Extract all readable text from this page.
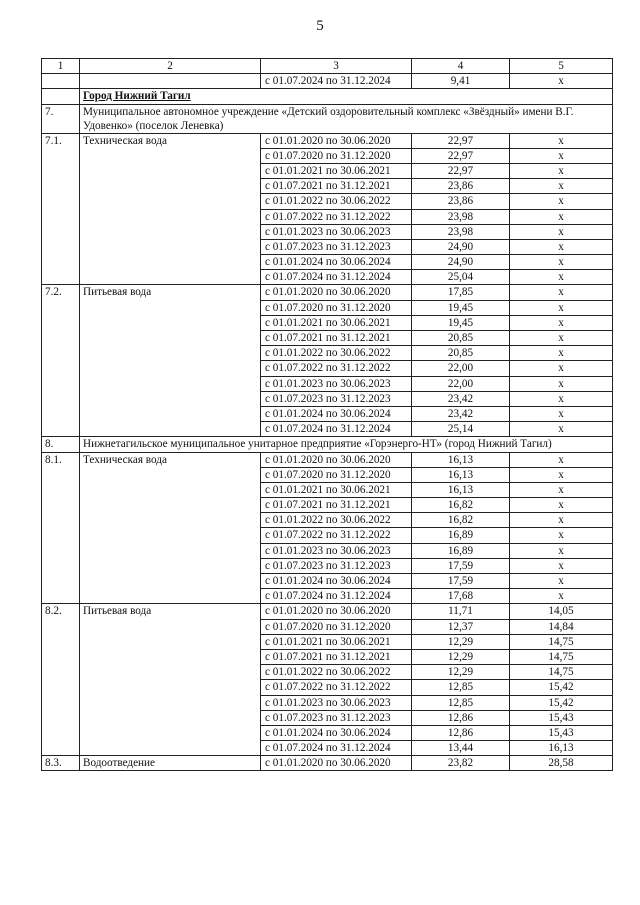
5
1	2	3	4	5
		с 01.07.2024 по 31.12.2024	9,41	х
	Город Нижний Тагил			
7.	Муниципальное автономное учреждение «Детский оздоровительный комплекс «Звёздный» имени В.Г. Удовенко» (поселок Леневка)			
7.1.	Техническая вода	с 01.01.2020 по 30.06.2020	22,97	х
		с 01.07.2020 по 31.12.2020	22,97	х
		с 01.01.2021 по 30.06.2021	22,97	х
		с 01.07.2021 по 31.12.2021	23,86	х
		с 01.01.2022 по 30.06.2022	23,86	х
		с 01.07.2022 по 31.12.2022	23,98	х
		с 01.01.2023 по 30.06.2023	23,98	х
		с 01.07.2023 по 31.12.2023	24,90	х
		с 01.01.2024 по 30.06.2024	24,90	х
		с 01.07.2024 по 31.12.2024	25,04	х
7.2.	Питьевая вода	с 01.01.2020 по 30.06.2020	17,85	х
		с 01.07.2020 по 31.12.2020	19,45	х
		с 01.01.2021 по 30.06.2021	19,45	х
		с 01.07.2021 по 31.12.2021	20,85	х
		с 01.01.2022 по 30.06.2022	20,85	х
		с 01.07.2022 по 31.12.2022	22,00	х
		с 01.01.2023 по 30.06.2023	22,00	х
		с 01.07.2023 по 31.12.2023	23,42	х
		с 01.01.2024 по 30.06.2024	23,42	х
		с 01.07.2024 по 31.12.2024	25,14	х
8.	Нижнетагильское муниципальное унитарное предприятие «Горэнерго-НТ» (город Нижний Тагил)			
8.1.	Техническая вода	с 01.01.2020 по 30.06.2020	16,13	х
		с 01.07.2020 по 31.12.2020	16,13	х
		с 01.01.2021 по 30.06.2021	16,13	х
		с 01.07.2021 по 31.12.2021	16,82	х
		с 01.01.2022 по 30.06.2022	16,82	х
		с 01.07.2022 по 31.12.2022	16,89	х
		с 01.01.2023 по 30.06.2023	16,89	х
		с 01.07.2023 по 31.12.2023	17,59	х
		с 01.01.2024 по 30.06.2024	17,59	х
		с 01.07.2024 по 31.12.2024	17,68	х
8.2.	Питьевая вода	с 01.01.2020 по 30.06.2020	11,71	14,05
		с 01.07.2020 по 31.12.2020	12,37	14,84
		с 01.01.2021 по 30.06.2021	12,29	14,75
		с 01.07.2021 по 31.12.2021	12,29	14,75
		с 01.01.2022 по 30.06.2022	12,29	14,75
		с 01.07.2022 по 31.12.2022	12,85	15,42
		с 01.01.2023 по 30.06.2023	12,85	15,42
		с 01.07.2023 по 31.12.2023	12,86	15,43
		с 01.01.2024 по 30.06.2024	12,86	15,43
		с 01.07.2024 по 31.12.2024	13,44	16,13
8.3.	Водоотведение	с 01.01.2020 по 30.06.2020	23,82	28,58
